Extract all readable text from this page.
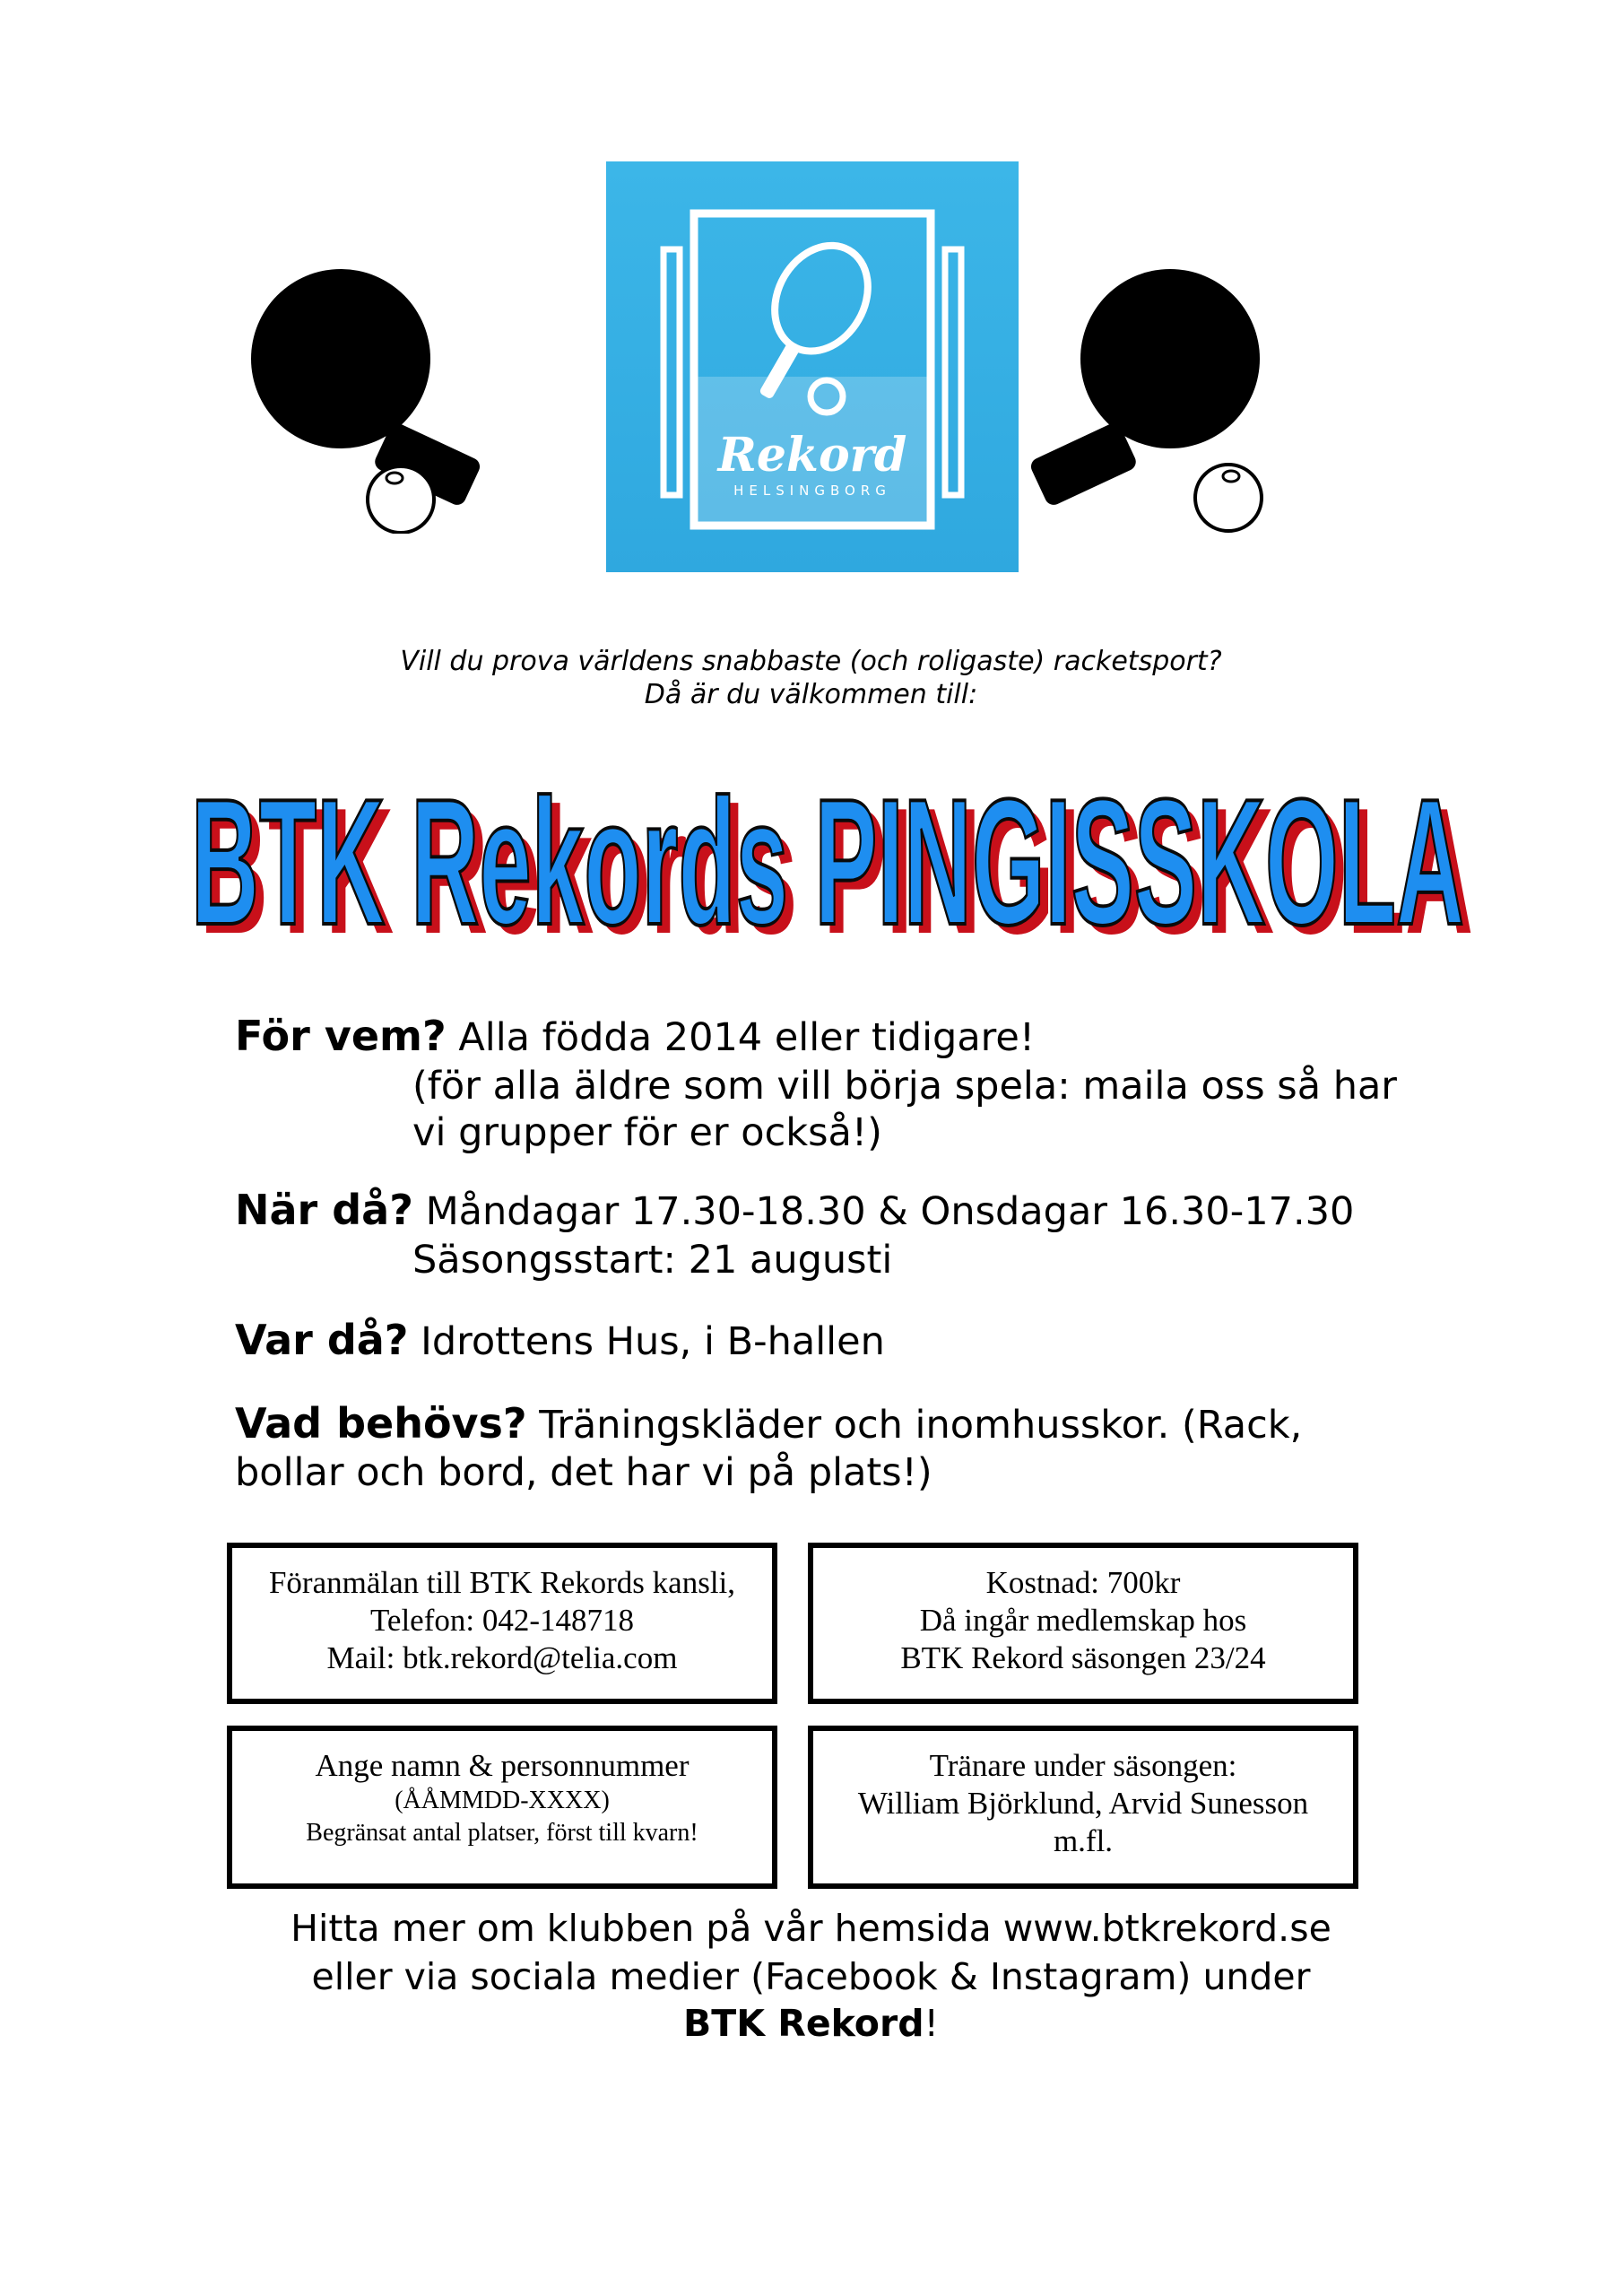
Rekord
HELSINGBORG
Vill du prova världens snabbaste (och roligaste) racketsport?
Då är du välkommen till:
BTK Rekords PINGISSKOLA
BTK Rekords PINGISSKOLA
För vem? Alla födda 2014 eller tidigare!
(för alla äldre som vill börja spela: maila oss så har
vi grupper för er också!)
När då? Måndagar 17.30-18.30 & Onsdagar 16.30-17.30
Säsongsstart: 21 augusti
Var då? Idrottens Hus, i B-hallen
Vad behövs? Träningskläder och inomhusskor. (Rack,
bollar och bord, det har vi på plats!)
Föranmälan till BTK Rekords kansli,
Telefon: 042-148718
Mail: btk.rekord@telia.com
Kostnad: 700kr
Då ingår medlemskap hos
BTK Rekord säsongen 23/24
Ange namn & personnummer
(ÅÅMMDD-XXXX)
Begränsat antal platser, först till kvarn!
Tränare under säsongen:
William Björklund, Arvid Sunesson
m.fl.
Hitta mer om klubben på vår hemsida www.btkrekord.se
eller via sociala medier (Facebook & Instagram) under
BTK Rekord!
